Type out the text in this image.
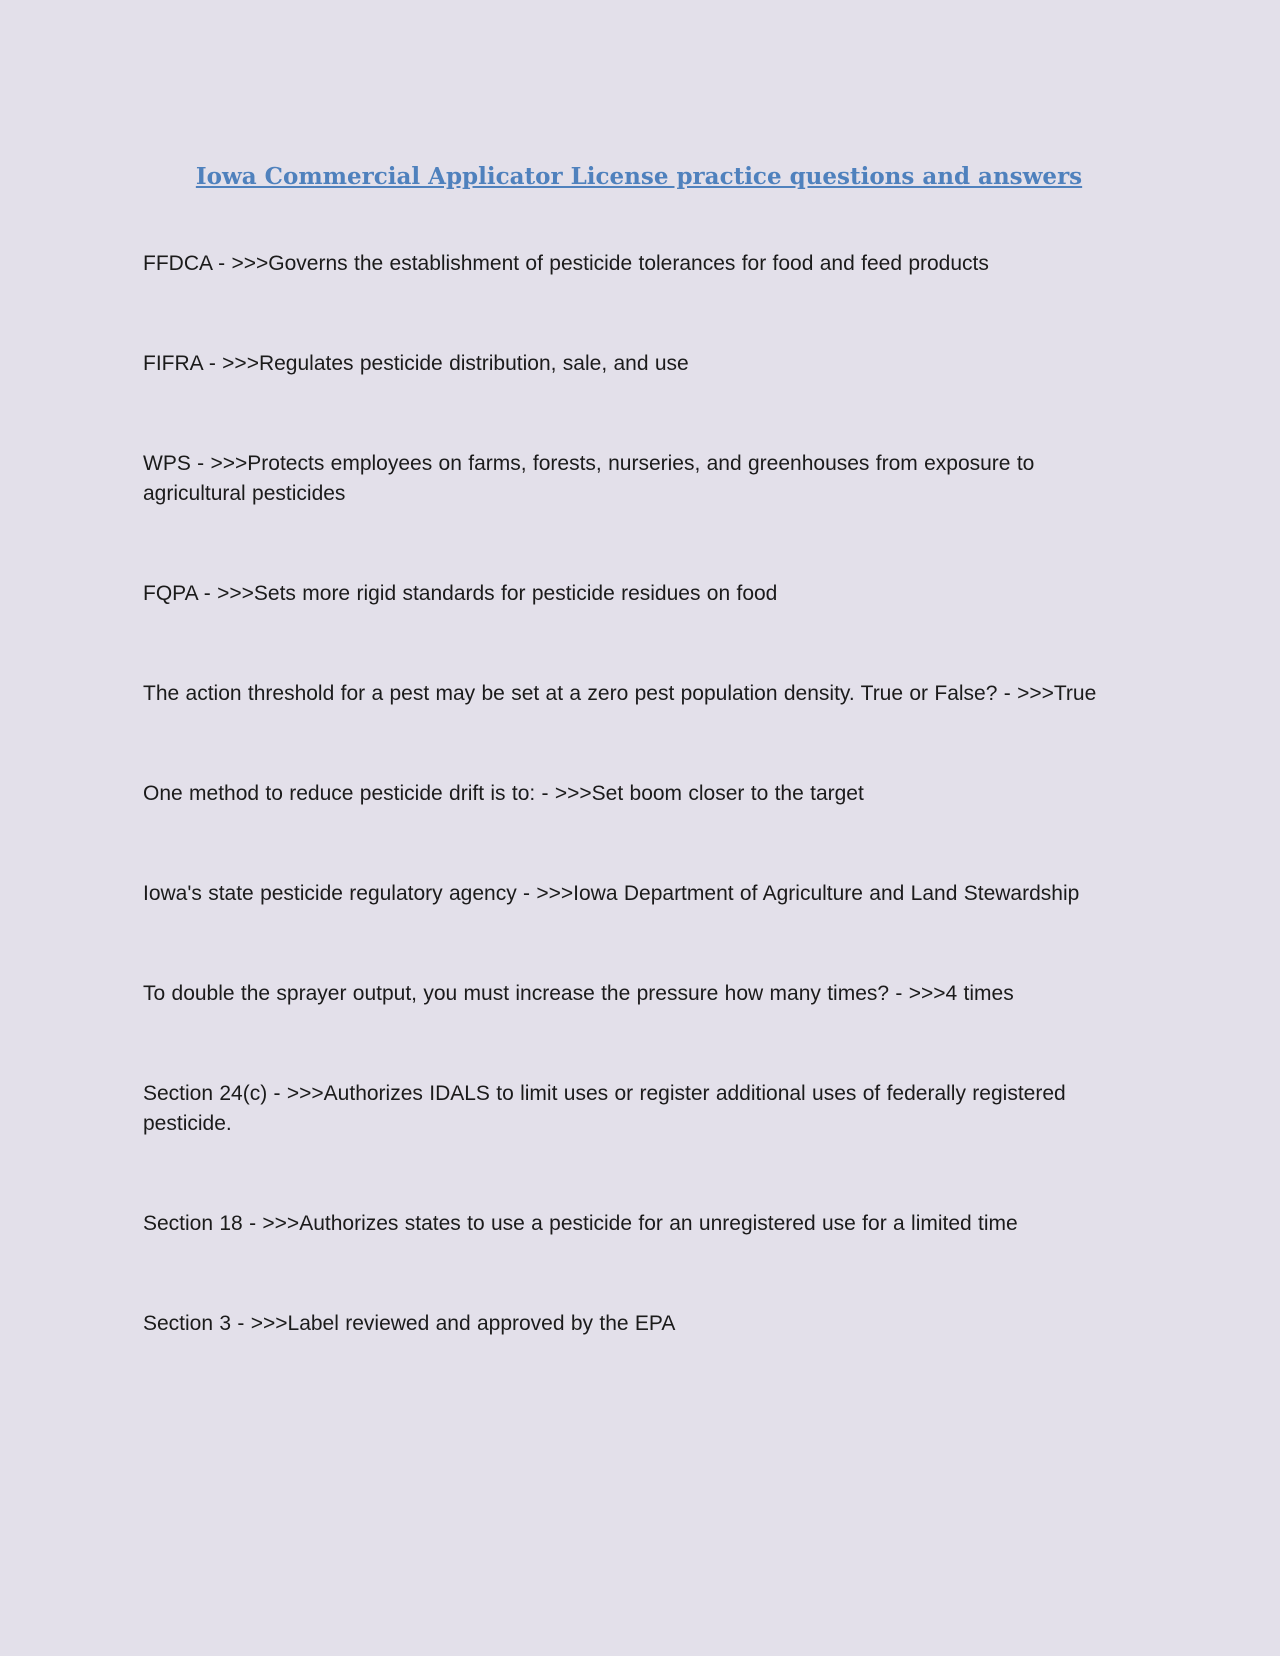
Iowa Commercial Applicator License practice questions and answers

FFDCA - >>>Governs the establishment of pesticide tolerances for food and feed products

FIFRA - >>>Regulates pesticide distribution, sale, and use

WPS - >>>Protects employees on farms, forests, nurseries, and greenhouses from exposure to agricultural pesticides

FQPA - >>>Sets more rigid standards for pesticide residues on food

The action threshold for a pest may be set at a zero pest population density. True or False? - >>>True

One method to reduce pesticide drift is to: - >>>Set boom closer to the target

Iowa's state pesticide regulatory agency - >>>Iowa Department of Agriculture and Land Stewardship

To double the sprayer output, you must increase the pressure how many times? - >>>4 times

Section 24(c) - >>>Authorizes IDALS to limit uses or register additional uses of federally registered pesticide.

Section 18 - >>>Authorizes states to use a pesticide for an unregistered use for a limited time

Section 3 - >>>Label reviewed and approved by the EPA
